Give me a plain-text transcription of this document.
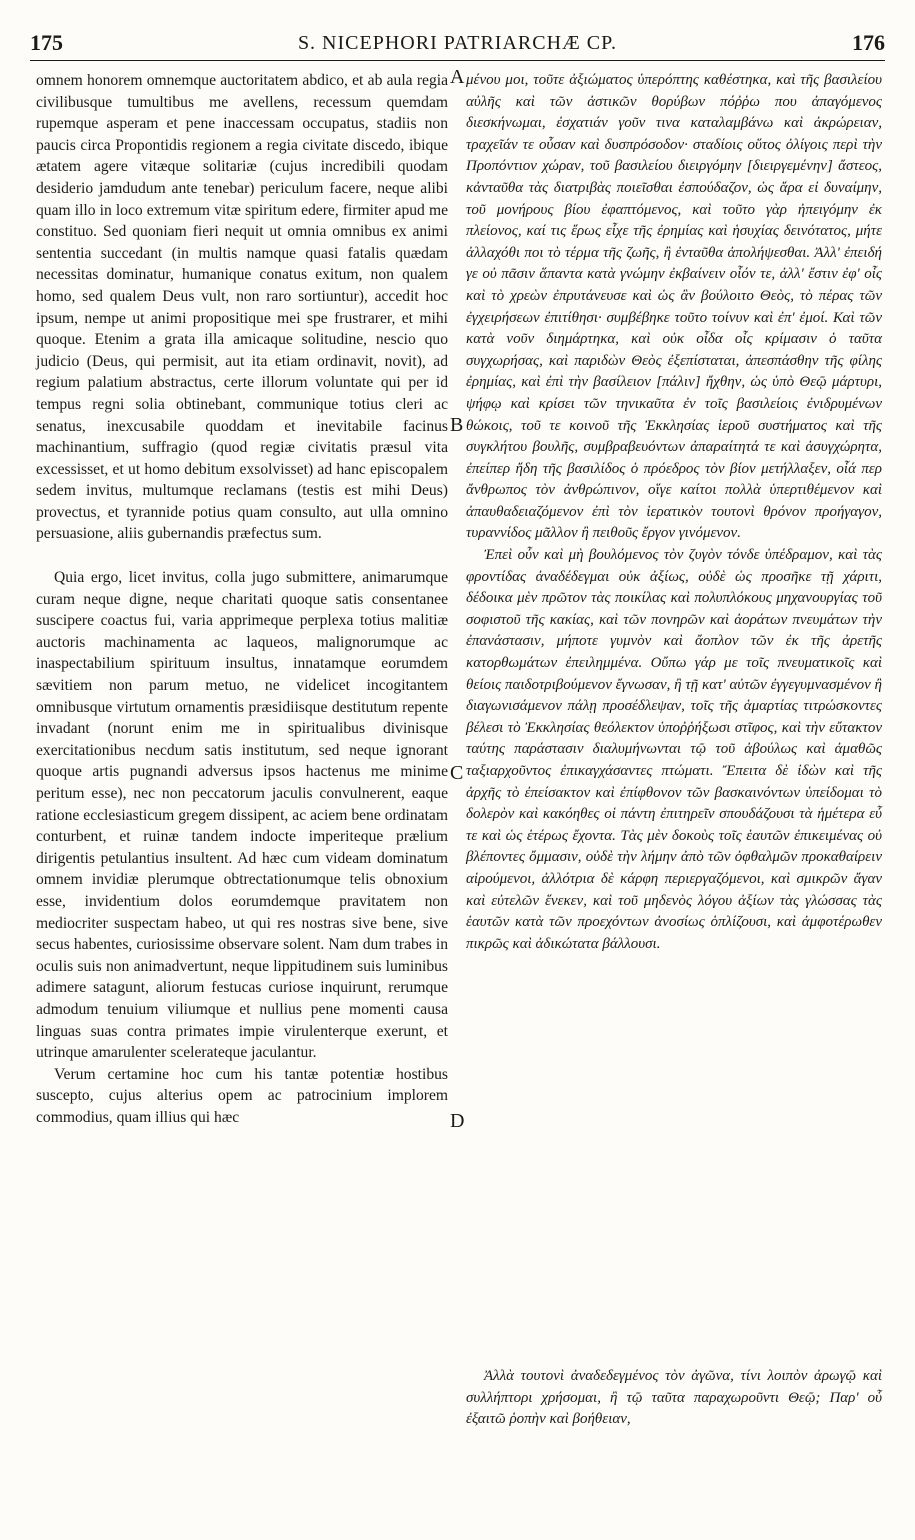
175	S. NICEPHORI PATRIARCHÆ CP.	176

omnem honorem omnemque auctoritatem abdico, et ab aula regia civilibusque tumultibus me avellens, recessum quemdam rupemque asperam et pene inaccessam occupatus, stadiis non paucis circa Propontidis regionem a regia civitate discedo, ibique ætatem agere vitæque solitariæ (cujus incredibili quodam desiderio jamdudum ante tenebar) periculum facere, neque alibi quam illo in loco extremum vitæ spiritum edere, firmiter apud me constituo. Sed quoniam fieri nequit ut omnia omnibus ex animi sententia succedant (in multis namque quasi fatalis quædam necessitas dominatur, humanique conatus exitum, non qualem homo, sed qualem Deus vult, non raro sortiuntur), accedit hoc ipsum, nempe ut animi propositique mei spe frustrarer, et mihi quoque. Etenim a grata illa amicaque solitudine, nescio quo judicio (Deus, qui permisit, aut ita etiam ordinavit, novit), ad regium palatium abstractus, certe illorum voluntate qui per id tempus regni solia obtinebant, communique totius cleri ac senatus, inexcusabile quoddam et inevitabile facinus machinantium, suffragio (quod regiæ civitatis præsul vita excessisset, et ut homo debitum exsolvisset) ad hanc episcopalem sedem invitus, multumque reclamans (testis est mihi Deus) provectus, et tyrannide potius quam consulto, aut ulla omnino persuasione, aliis gubernandis præfectus sum.

Quia ergo, licet invitus, colla jugo submittere, animarumque curam neque digne, neque charitati quoque satis consentanee suscipere coactus fui, varia apprimeque perplexa totius malitiæ auctoris machinamenta ac laqueos, malignorumque ac inaspectabilium spirituum insultus, innatamque eorumdem sævitiem non parum metuo, ne videlicet incogitantem omnibusque virtutum ornamentis præsidiisque destitutum repente invadant (norunt enim me in spiritualibus divinisque exercitationibus necdum satis institutum, sed neque ignorant quoque artis pugnandi adversus ipsos hactenus me minime peritum esse), nec non peccatorum jaculis convulnerent, eaque ratione ecclesiasticum gregem dissipent, ac aciem bene ordinatam conturbent, et ruinæ tandem indocte imperiteque prælium dirigentis petulantius insultent. Ad hæc cum videam dominatum omnem invidiæ plerumque obtrectationumque telis obnoxium esse, invidentium dolos eorumdemque pravitatem non mediocriter suspectam habeo, ut qui res nostras sive bene, sive secus habentes, curiosissime observare solent. Nam dum trabes in oculis suis non animadvertunt, neque lippitudinem suis luminibus adimere satagunt, aliorum festucas curiose inquirunt, rerumque admodum tenuium viliumque et nullius pene momenti causa linguas suas contra primates impie virulenterque exerunt, et utrinque amarulenter scelerateque jaculantur.

Verum certamine hoc cum his tantæ potentiæ hostibus suscepto, cujus alterius opem ac patrocinium implorem commodius, quam illius qui hæc

A
B
C
D

μένου μοι, τοῦτε ἀξιώματος ὑπερόπτης καθέστηκα, καὶ τῆς βασιλείου αὐλῆς καὶ τῶν ἀστικῶν θορύβων πόῤῥω που ἀπαγόμενος διεσκήνωμαι, ἐσχατιάν γοῦν τινα καταλαμβάνω καὶ ἀκρώρειαν, τραχεῖάν τε οὖσαν καὶ δυσπρόσοδον· σταδίοις οὕτος ὀλίγοις περὶ τὴν Προπόντιον χώραν, τοῦ βασιλείου διειργόμην [διειργεμένην] ἄστεος, κἀνταῦθα τὰς διατριβὰς ποιεῖσθαι ἐσπούδαζον, ὡς ἄρα εἰ δυναίμην, τοῦ μονήρους βίου ἐφαπτόμενος, καὶ τοῦτο γὰρ ἠπειγόμην ἐκ πλείονος, καί τις ἔρως εἶχε τῆς ἐρημίας καὶ ἡσυχίας δεινότατος, μήτε ἀλλαχόθι ποι τὸ τέρμα τῆς ζωῆς, ἢ ἐνταῦθα ἀπολήψεσθαι. Ἀλλ' ἐπειδή γε οὐ πᾶσιν ἅπαντα κατὰ γνώμην ἐκβαίνειν οἷόν τε, ἀλλ' ἔστιν ἐφ' οἷς καὶ τὸ χρεὼν ἐπρυτάνευσε καὶ ὡς ἂν βούλοιτο Θεὸς, τὸ πέρας τῶν ἐγχειρήσεων ἐπιτίθησι· συμβέβηκε τοῦτο τοίνυν καὶ ἐπ' ἐμοί. Καὶ τῶν κατὰ νοῦν διημάρτηκα, καὶ οὐκ οἶδα οἷς κρίμασιν ὁ ταῦτα συγχωρήσας, καὶ παριδὼν Θεὸς ἐξεπίσταται, ἀπεσπάσθην τῆς φίλης ἐρημίας, καὶ ἐπὶ τὴν βασίλειον [πάλιν] ἤχθην, ὡς ὑπὸ Θεῷ μάρτυρι, ψήφῳ καὶ κρίσει τῶν τηνικαῦτα ἐν τοῖς βασιλείοις ἐνιδρυμένων θώκοις, τοῦ τε κοινοῦ τῆς Ἐκκλησίας ἱεροῦ συστήματος καὶ τῆς συγκλήτου βουλῆς, συμβραβευόντων ἀπαραίτητά τε καὶ ἀσυγχώρητα, ἐπείπερ ἤδη τῆς βασιλίδος ὁ πρόεδρος τὸν βίον μετήλλαξεν, οἷά περ ἄνθρωπος τὸν ἀνθρώπινον, οἵγε καίτοι πολλὰ ὑπερτιθέμενον καὶ ἀπαυθαδειαζόμενον ἐπὶ τὸν ἱερατικὸν τουτονὶ θρόνον προήγαγον, τυραννίδος μᾶλλον ἢ πειθοῦς ἔργον γινόμενον.

Ἐπεὶ οὖν καὶ μὴ βουλόμενος τὸν ζυγὸν τόνδε ὑπέδραμον, καὶ τὰς φροντίδας ἀναδέδεγμαι οὐκ ἀξίως, οὐδὲ ὡς προσῆκε τῇ χάριτι, δέδοικα μὲν πρῶτον τὰς ποικίλας καὶ πολυπλόκους μηχανουργίας τοῦ σοφιστοῦ τῆς κακίας, καὶ τῶν πονηρῶν καὶ ἀοράτων πνευμάτων τὴν ἐπανάστασιν, μήποτε γυμνὸν καὶ ἄοπλον τῶν ἐκ τῆς ἀρετῆς κατορθωμάτων ἐπειλημμένα. Οὔπω γάρ με τοῖς πνευματικοῖς καὶ θείοις παιδοτριβούμενον ἔγνωσαν, ἢ τῇ κατ' αὐτῶν ἐγγεγυμνασμένον ἢ διαγωνισάμενον πάλῃ προσέδλεψαν, τοῖς τῆς ἁμαρτίας τιτρώσκοντες βέλεσι τὸ Ἐκκλησίας θεόλεκτον ὑποῤῥήξωσι στῖφος, καὶ τὴν εὔτακτον ταύτης παράστασιν διαλυμήνωνται τῷ τοῦ ἀβούλως καὶ ἀμαθῶς ταξιαρχοῦντος ἐπικαγχάσαντες πτώματι. Ἔπειτα δὲ ἰδὼν καὶ τῆς ἀρχῆς τὸ ἐπείσακτον καὶ ἐπίφθονον τῶν βασκαινόντων ὑπείδομαι τὸ δολερὸν καὶ κακόηθες οἱ πάντη ἐπιτηρεῖν σπουδάζουσι τὰ ἡμέτερα εὖ τε καὶ ὡς ἑτέρως ἔχοντα. Τὰς μὲν δοκοὺς τοῖς ἑαυτῶν ἐπικειμένας οὐ βλέποντες ὄμμασιν, οὐδὲ τὴν λήμην ἀπὸ τῶν ὀφθαλμῶν προκαθαίρειν αἱρούμενοι, ἀλλότρια δὲ κάρφη περιεργαζόμενοι, καὶ σμικρῶν ἄγαν καὶ εὐτελῶν ἕνεκεν, καὶ τοῦ μηδενὸς λόγου ἀξίων τὰς γλώσσας τὰς ἑαυτῶν κατὰ τῶν προεχόντων ἀνοσίως ὁπλίζουσι, καὶ ἀμφοτέρωθεν πικρῶς καὶ ἀδικώτατα βάλλουσι.

Ἀλλὰ τουτονὶ ἀναδεδεγμένος τὸν ἀγῶνα, τίνι λοιπὸν ἀρωγῷ καὶ συλλήπτορι χρήσομαι, ἢ τῷ ταῦτα παραχωροῦντι Θεῷ; Παρ' οὗ ἐξαιτῶ ῥοπὴν καὶ βοήθειαν,
